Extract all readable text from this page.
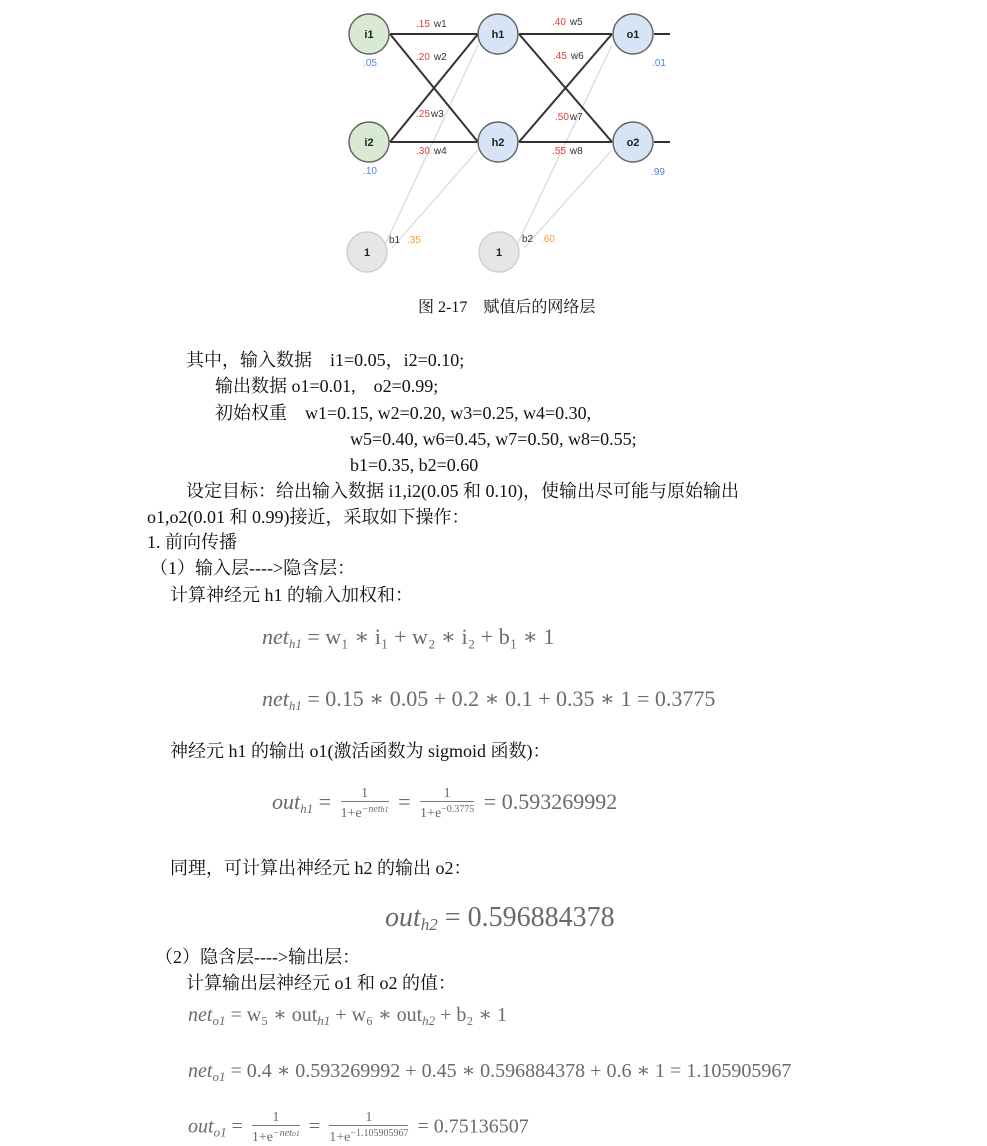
i1
.05
i2
.10
h1
h2
o1
.01
o2
.99
1
b1 .35
1
b2 .60
.15 w1
.20 w2
.25w3
.30 w4
.40 w5
.45 w6
.50w7
.55 w8
图 2-17　赋值后的网络层
其中，输入数据　i1=0.05，i2=0.10;
输出数据 o1=0.01,　o2=0.99;
初始权重　w1=0.15, w2=0.20, w3=0.25, w4=0.30,
w5=0.40, w6=0.45, w7=0.50, w8=0.55;
b1=0.35, b2=0.60
设定目标：给出输入数据 i1,i2(0.05 和 0.10)，使输出尽可能与原始输出
o1,o2(0.01 和 0.99)接近，采取如下操作：
1. 前向传播
（1）输入层---->隐含层：
计算神经元 h1 的输入加权和：
net$_{h1}$ = w₁ ∗ i₁ + w₂ ∗ i₂ + b₁ ∗ 1
net$_{h1}$ = 0.15 ∗ 0.05 + 0.2 ∗ 0.1 + 0.35 ∗ 1 = 0.3775
神经元 h1 的输出 o1(激活函数为 sigmoid 函数)：
$out_{h1} = \frac{1}{1+e^{-neth1}} = \frac{1}{1+e^{-0.3775}} = 0.593269992$
同理，可计算出神经元 h2 的输出 o2：
out$_{h2}$ = 0.596884378
（2）隐含层---->输出层：
计算输出层神经元 o1 和 o2 的值：
net$_{o1}$ = w₅ ∗ out$_{h1}$ + w₆ ∗ out$_{h2}$ + b₂ ∗ 1
net$_{o1}$ = 0.4 ∗ 0.593269992 + 0.45 ∗ 0.596884378 + 0.6 ∗ 1 = 1.105905967
$out_{o1} = \frac{1}{1+e^{-neto1}} = \frac{1}{1+e^{-1.105905967}} = 0.75136507$
